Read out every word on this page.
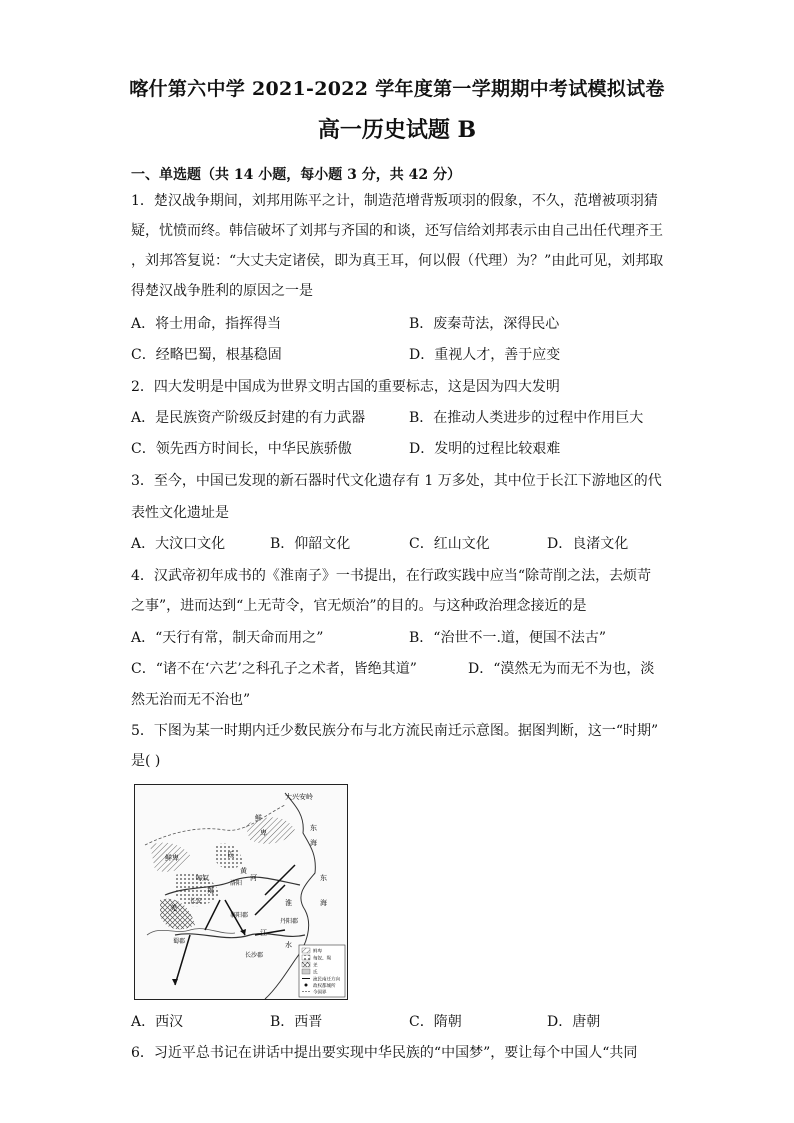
喀什第六中学 2021-2022 学年度第一学期期中考试模拟试卷
高一历史试题 B
一、单选题（共 14 小题，每小题 3 分，共 42 分）
1．楚汉战争期间，刘邦用陈平之计，制造范增背叛项羽的假象，不久，范增被项羽猜
疑，忧愤而终。韩信破坏了刘邦与齐国的和谈，还写信给刘邦表示由自己出任代理齐王
，刘邦答复说：“大丈夫定诸侯，即为真王耳，何以假（代理）为？”由此可见，刘邦取
得楚汉战争胜利的原因之一是
A．将士用命，指挥得当	B．废秦苛法，深得民心
C．经略巴蜀，根基稳固	D．重视人才，善于应变
2．四大发明是中国成为世界文明古国的重要标志，这是因为四大发明
A．是民族资产阶级反封建的有力武器	B．在推动人类进步的过程中作用巨大
C．领先西方时间长，中华民族骄傲	D．发明的过程比较艰难
3．至今，中国已发现的新石器时代文化遗存有 1 万多处，其中位于长江下游地区的代
表性文化遗址是
A．大汶口文化	B．仰韶文化	C．红山文化	D．良渚文化
4．汉武帝初年成书的《淮南子》一书提出，在行政实践中应当“除苛削之法，去烦苛
之事”，进而达到“上无苛令，官无烦治”的目的。与这种政治理念接近的是
A．“天行有常，制天命而用之”	B．“治世不一.道，便国不法古”
C．“诸不在‘六艺’之科孔子之术者，皆绝其道”	D．“漠然无为而无不为也，淡
然无治而无不治也”
5．下图为某一时期内迁少数民族分布与北方流民南迁示意图。据图判断，这一“时期”
是( )
大兴安岭
东
海
东
海
鲜
卑
鲜卑	氐
羌
匈奴
羯
洛阳
长安
襄阳郡
丹阳郡
蜀郡
长沙郡
淮
江
水
黄
河
鲜卑
匈奴、羯
羌
氐
流民南迁方向
政权都城所
今国界
A．西汉	B．西晋	C．隋朝	D．唐朝
6．习近平总书记在讲话中提出要实现中华民族的“中国梦”，要让每个中国人“共同
